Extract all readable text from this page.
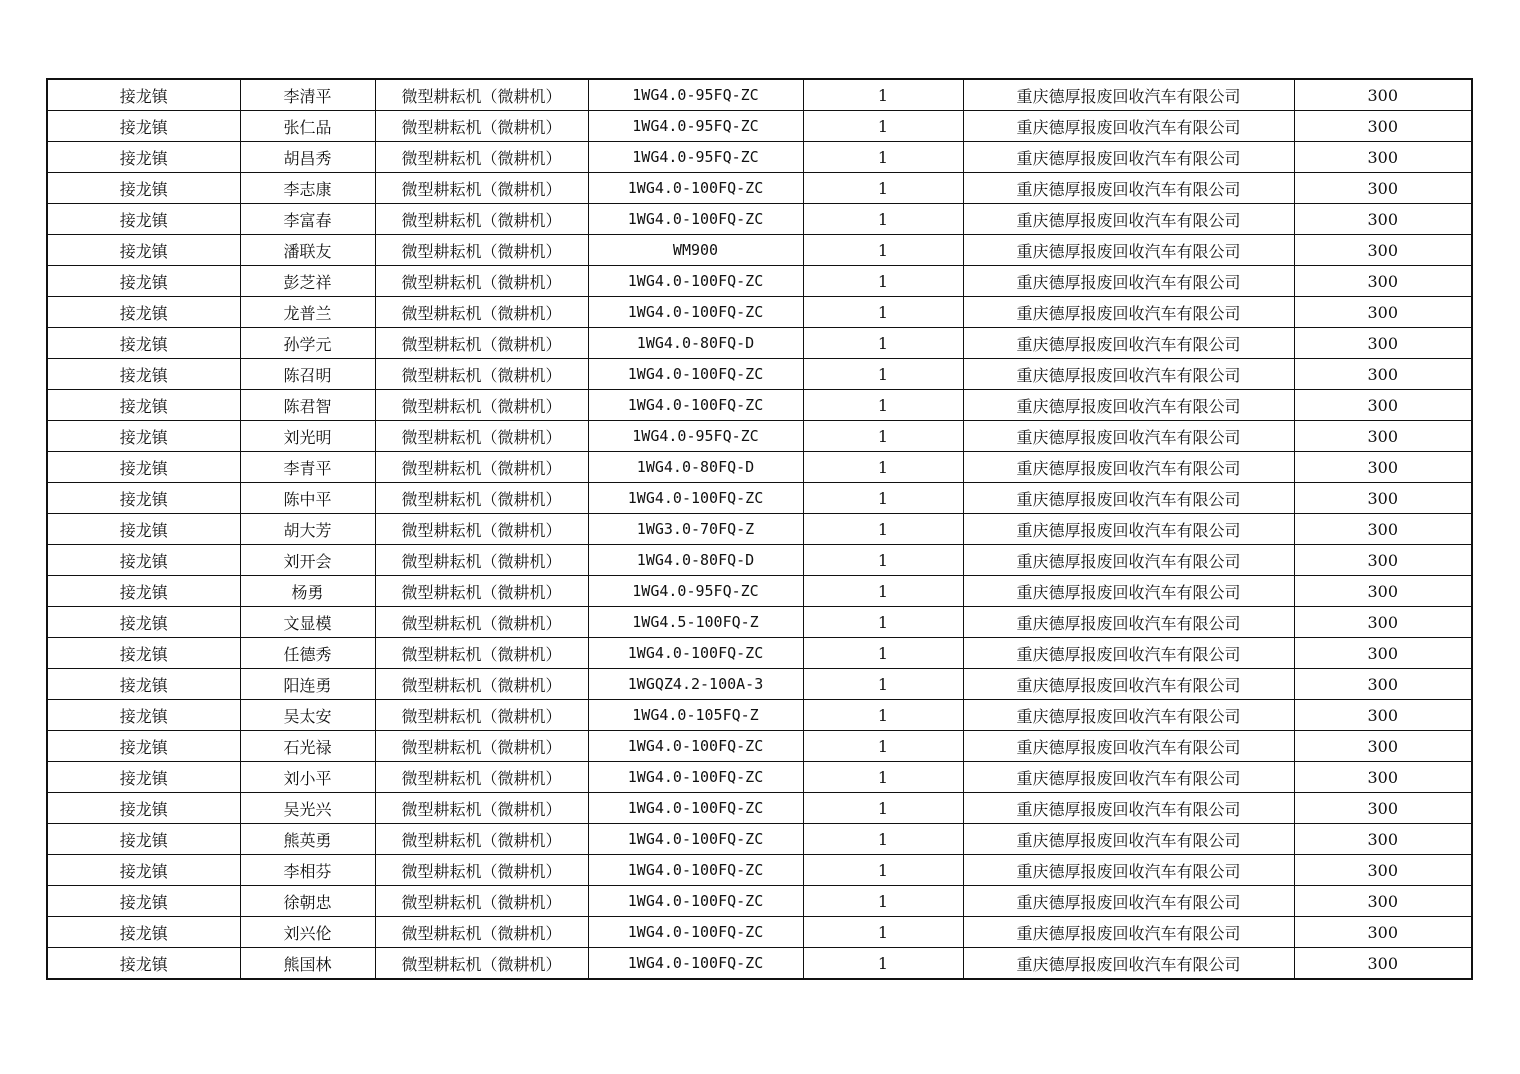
接龙镇	李清平	微型耕耘机（微耕机）	1WG4.0-95FQ-ZC	1	重庆德厚报废回收汽车有限公司	300
接龙镇	张仁品	微型耕耘机（微耕机）	1WG4.0-95FQ-ZC	1	重庆德厚报废回收汽车有限公司	300
接龙镇	胡昌秀	微型耕耘机（微耕机）	1WG4.0-95FQ-ZC	1	重庆德厚报废回收汽车有限公司	300
接龙镇	李志康	微型耕耘机（微耕机）	1WG4.0-100FQ-ZC	1	重庆德厚报废回收汽车有限公司	300
接龙镇	李富春	微型耕耘机（微耕机）	1WG4.0-100FQ-ZC	1	重庆德厚报废回收汽车有限公司	300
接龙镇	潘联友	微型耕耘机（微耕机）	WM900	1	重庆德厚报废回收汽车有限公司	300
接龙镇	彭芝祥	微型耕耘机（微耕机）	1WG4.0-100FQ-ZC	1	重庆德厚报废回收汽车有限公司	300
接龙镇	龙普兰	微型耕耘机（微耕机）	1WG4.0-100FQ-ZC	1	重庆德厚报废回收汽车有限公司	300
接龙镇	孙学元	微型耕耘机（微耕机）	1WG4.0-80FQ-D	1	重庆德厚报废回收汽车有限公司	300
接龙镇	陈召明	微型耕耘机（微耕机）	1WG4.0-100FQ-ZC	1	重庆德厚报废回收汽车有限公司	300
接龙镇	陈君智	微型耕耘机（微耕机）	1WG4.0-100FQ-ZC	1	重庆德厚报废回收汽车有限公司	300
接龙镇	刘光明	微型耕耘机（微耕机）	1WG4.0-95FQ-ZC	1	重庆德厚报废回收汽车有限公司	300
接龙镇	李青平	微型耕耘机（微耕机）	1WG4.0-80FQ-D	1	重庆德厚报废回收汽车有限公司	300
接龙镇	陈中平	微型耕耘机（微耕机）	1WG4.0-100FQ-ZC	1	重庆德厚报废回收汽车有限公司	300
接龙镇	胡大芳	微型耕耘机（微耕机）	1WG3.0-70FQ-Z	1	重庆德厚报废回收汽车有限公司	300
接龙镇	刘开会	微型耕耘机（微耕机）	1WG4.0-80FQ-D	1	重庆德厚报废回收汽车有限公司	300
接龙镇	杨勇	微型耕耘机（微耕机）	1WG4.0-95FQ-ZC	1	重庆德厚报废回收汽车有限公司	300
接龙镇	文显模	微型耕耘机（微耕机）	1WG4.5-100FQ-Z	1	重庆德厚报废回收汽车有限公司	300
接龙镇	任德秀	微型耕耘机（微耕机）	1WG4.0-100FQ-ZC	1	重庆德厚报废回收汽车有限公司	300
接龙镇	阳连勇	微型耕耘机（微耕机）	1WGQZ4.2-100A-3	1	重庆德厚报废回收汽车有限公司	300
接龙镇	吴太安	微型耕耘机（微耕机）	1WG4.0-105FQ-Z	1	重庆德厚报废回收汽车有限公司	300
接龙镇	石光禄	微型耕耘机（微耕机）	1WG4.0-100FQ-ZC	1	重庆德厚报废回收汽车有限公司	300
接龙镇	刘小平	微型耕耘机（微耕机）	1WG4.0-100FQ-ZC	1	重庆德厚报废回收汽车有限公司	300
接龙镇	吴光兴	微型耕耘机（微耕机）	1WG4.0-100FQ-ZC	1	重庆德厚报废回收汽车有限公司	300
接龙镇	熊英勇	微型耕耘机（微耕机）	1WG4.0-100FQ-ZC	1	重庆德厚报废回收汽车有限公司	300
接龙镇	李相芬	微型耕耘机（微耕机）	1WG4.0-100FQ-ZC	1	重庆德厚报废回收汽车有限公司	300
接龙镇	徐朝忠	微型耕耘机（微耕机）	1WG4.0-100FQ-ZC	1	重庆德厚报废回收汽车有限公司	300
接龙镇	刘兴伦	微型耕耘机（微耕机）	1WG4.0-100FQ-ZC	1	重庆德厚报废回收汽车有限公司	300
接龙镇	熊国林	微型耕耘机（微耕机）	1WG4.0-100FQ-ZC	1	重庆德厚报废回收汽车有限公司	300
